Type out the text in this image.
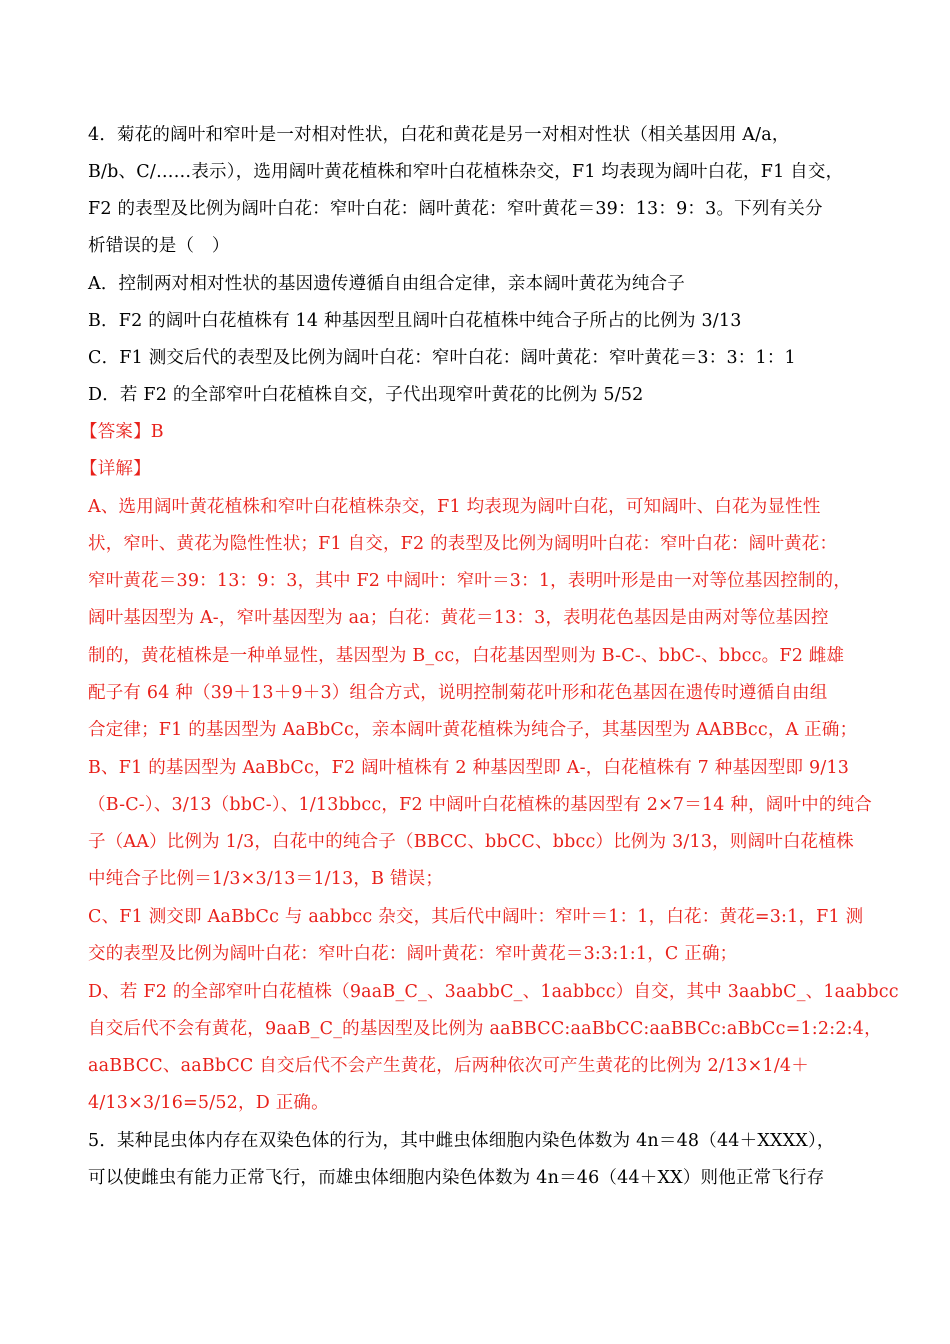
4．菊花的阔叶和窄叶是一对相对性状，白花和黄花是另一对相对性状（相关基因用 A/a，
B/b、C/……表示），选用阔叶黄花植株和窄叶白花植株杂交，F1 均表现为阔叶白花，F1 自交，
F2 的表型及比例为阔叶白花：窄叶白花：阔叶黄花：窄叶黄花＝39：13：9：3。下列有关分
析错误的是（　）
A．控制两对相对性状的基因遗传遵循自由组合定律，亲本阔叶黄花为纯合子
B．F2 的阔叶白花植株有 14 种基因型且阔叶白花植株中纯合子所占的比例为 3/13
C．F1 测交后代的表型及比例为阔叶白花：窄叶白花：阔叶黄花：窄叶黄花＝3：3：1：1
D．若 F2 的全部窄叶白花植株自交，子代出现窄叶黄花的比例为 5/52
【答案】B
【详解】
A、选用阔叶黄花植株和窄叶白花植株杂交，F1 均表现为阔叶白花，可知阔叶、白花为显性性
状，窄叶、黄花为隐性性状；F1 自交，F2 的表型及比例为阔明叶白花：窄叶白花：阔叶黄花：
窄叶黄花＝39：13：9：3，其中 F2 中阔叶：窄叶＝3：1，表明叶形是由一对等位基因控制的，
阔叶基因型为 A-，窄叶基因型为 aa；白花：黄花＝13：3，表明花色基因是由两对等位基因控
制的，黄花植株是一种单显性，基因型为 B_cc，白花基因型则为 B-C-、bbC-、bbcc。F2 雌雄
配子有 64 种（39＋13＋9＋3）组合方式，说明控制菊花叶形和花色基因在遗传时遵循自由组
合定律；F1 的基因型为 AaBbCc，亲本阔叶黄花植株为纯合子，其基因型为 AABBcc，A 正确；
B、F1 的基因型为 AaBbCc，F2 阔叶植株有 2 种基因型即 A-，白花植株有 7 种基因型即 9/13
（B-C-）、3/13（bbC-）、1/13bbcc，F2 中阔叶白花植株的基因型有 2×7＝14 种，阔叶中的纯合
子（AA）比例为 1/3，白花中的纯合子（BBCC、bbCC、bbcc）比例为 3/13，则阔叶白花植株
中纯合子比例＝1/3×3/13＝1/13，B 错误；
C、F1 测交即 AaBbCc 与 aabbcc 杂交，其后代中阔叶：窄叶＝1：1，白花：黄花=3:1，F1 测
交的表型及比例为阔叶白花：窄叶白花：阔叶黄花：窄叶黄花＝3:3:1:1，C 正确；
D、若 F2 的全部窄叶白花植株（9aaB_C_、3aabbC_、1aabbcc）自交，其中 3aabbC_、1aabbcc
自交后代不会有黄花，9aaB_C_的基因型及比例为 aaBBCC:aaBbCC:aaBBCc:aBbCc=1:2:2:4，
aaBBCC、aaBbCC 自交后代不会产生黄花，后两种依次可产生黄花的比例为 2/13×1/4＋
4/13×3/16=5/52，D 正确。
5．某种昆虫体内存在双染色体的行为，其中雌虫体细胞内染色体数为 4n＝48（44＋XXXX），
可以使雌虫有能力正常飞行，而雄虫体细胞内染色体数为 4n＝46（44＋XX）则他正常飞行存
